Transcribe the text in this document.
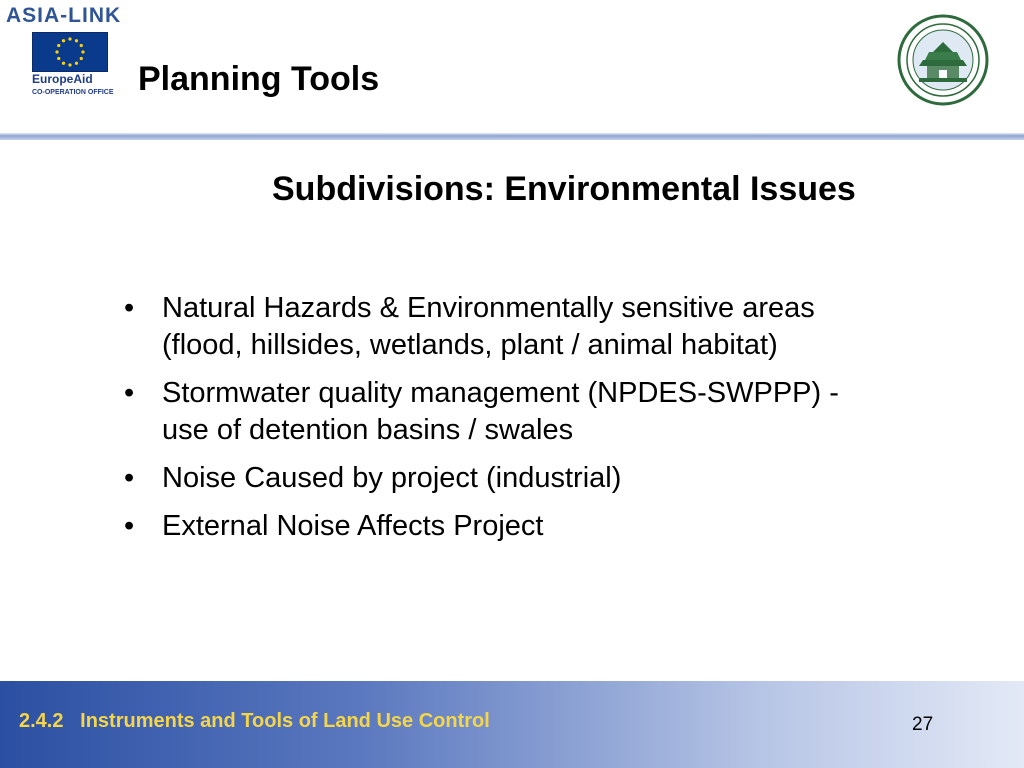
ASIA-LINK
EuropeAid
CO-OPERATION OFFICE Planning Tools
Subdivisions: Environmental Issues
• Natural Hazards & Environmentally sensitive areas (flood, hillsides, wetlands, plant / animal habitat)
• Stormwater quality management (NPDES-SWPPP) - use of detention basins / swales
• Noise Caused by project (industrial)
• External Noise Affects Project
2.4.2   Instruments and Tools of Land Use Control	27
